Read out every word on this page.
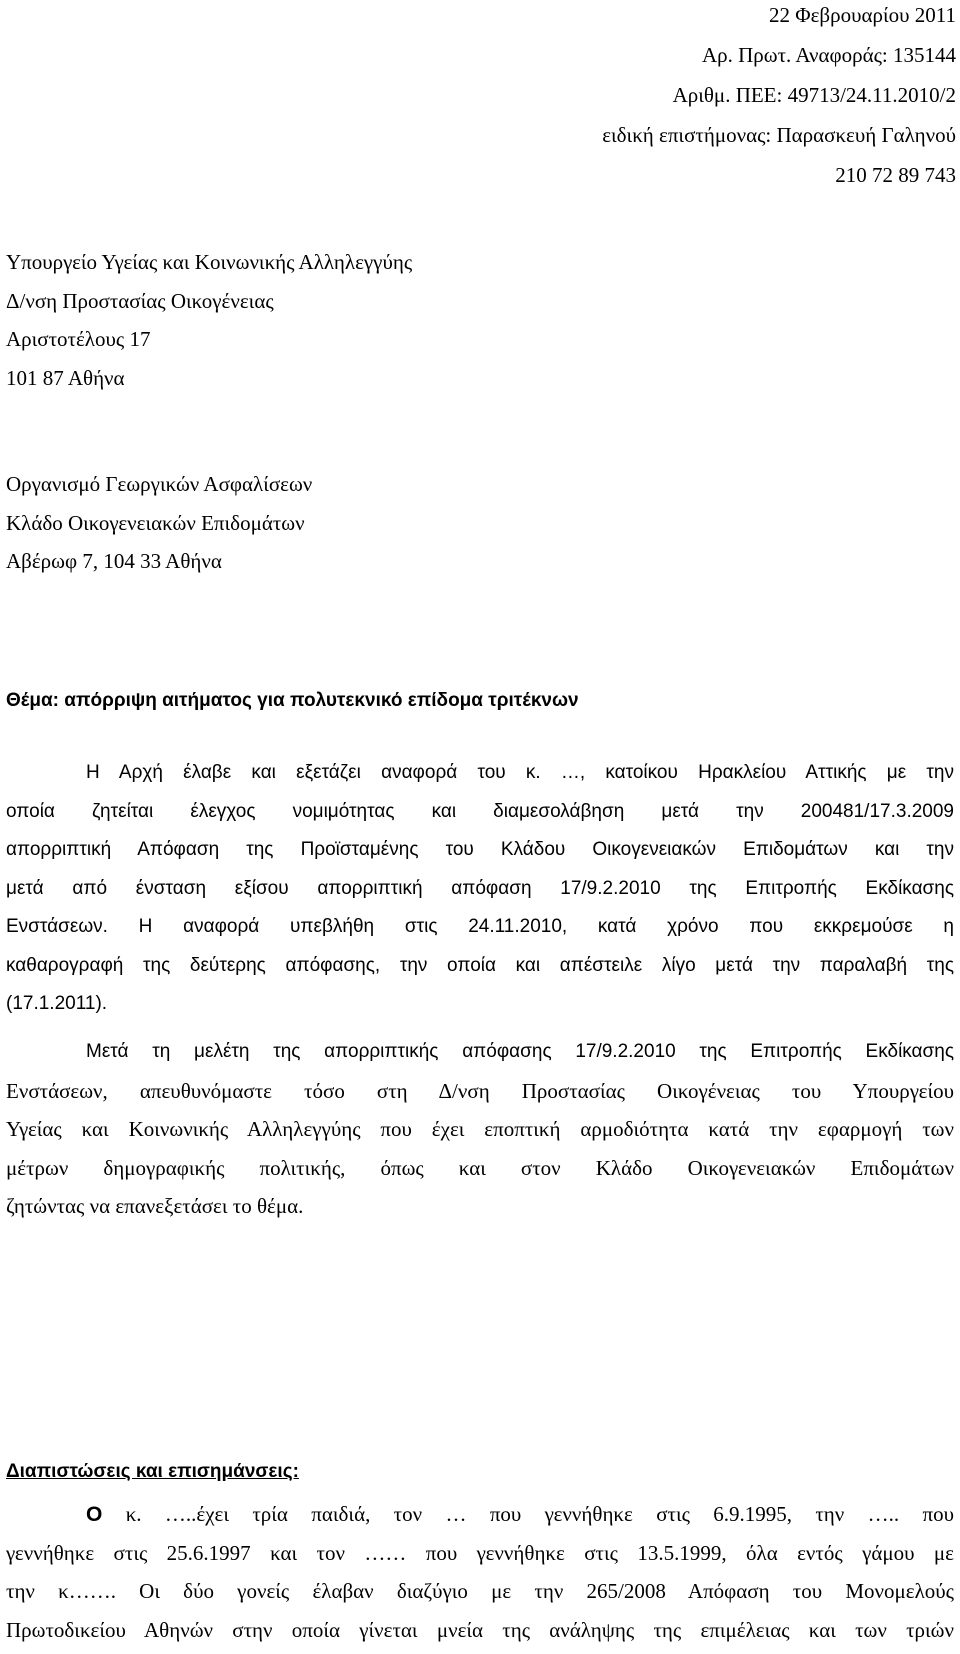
22 Φεβρουαρίου 2011
Αρ. Πρωτ. Αναφοράς: 135144
Αριθμ. ΠΕΕ: 49713/24.11.2010/2
ειδική επιστήμονας: Παρασκευή Γαληνού
210 72 89 743
Υπουργείο Υγείας και Κοινωνικής Αλληλεγγύης
Δ/νση Προστασίας Οικογένειας
Αριστοτέλους 17
101 87 Αθήνα
Οργανισμό Γεωργικών Ασφαλίσεων
Κλάδο Οικογενειακών Επιδομάτων
Αβέρωφ 7, 104 33 Αθήνα
Θέμα: απόρριψη αιτήματος για πολυτεκνικό επίδομα τριτέκνων
Η Αρχή έλαβε και εξετάζει αναφορά του κ. …, κατοίκου Ηρακλείου Αττικής με την
οποία ζητείται έλεγχος νομιμότητας και διαμεσολάβηση μετά την 200481/17.3.2009
απορριπτική Απόφαση της Προϊσταμένης του Κλάδου Οικογενειακών Επιδομάτων και την
μετά από ένσταση εξίσου απορριπτική απόφαση 17/9.2.2010 της Επιτροπής Εκδίκασης
Ενστάσεων. Η αναφορά υπεβλήθη στις 24.11.2010, κατά χρόνο που εκκρεμούσε η
καθαρογραφή της δεύτερης απόφασης, την οποία και απέστειλε λίγο μετά την παραλαβή της
(17.1.2011).
Μετά τη μελέτη της απορριπτικής απόφασης 17/9.2.2010 της Επιτροπής Εκδίκασης
Ενστάσεων, απευθυνόμαστε τόσο στη Δ/νση Προστασίας Οικογένειας του Υπουργείου
Υγείας και Κοινωνικής Αλληλεγγύης που έχει εποπτική αρμοδιότητα κατά την εφαρμογή των
μέτρων δημογραφικής πολιτικής, όπως και στον Κλάδο Οικογενειακών Επιδομάτων
ζητώντας να επανεξετάσει το θέμα.
Διαπιστώσεις και επισημάνσεις:
Ο κ. …..έχει τρία παιδιά, τον … που γεννήθηκε στις 6.9.1995, την ….. που
γεννήθηκε στις 25.6.1997 και τον …… που γεννήθηκε στις 13.5.1999, όλα εντός γάμου με
την κ……. Οι δύο γονείς έλαβαν διαζύγιο με την 265/2008 Απόφαση του Μονομελούς
Πρωτοδικείου Αθηνών στην οποία γίνεται μνεία της ανάληψης της επιμέλειας και των τριών
